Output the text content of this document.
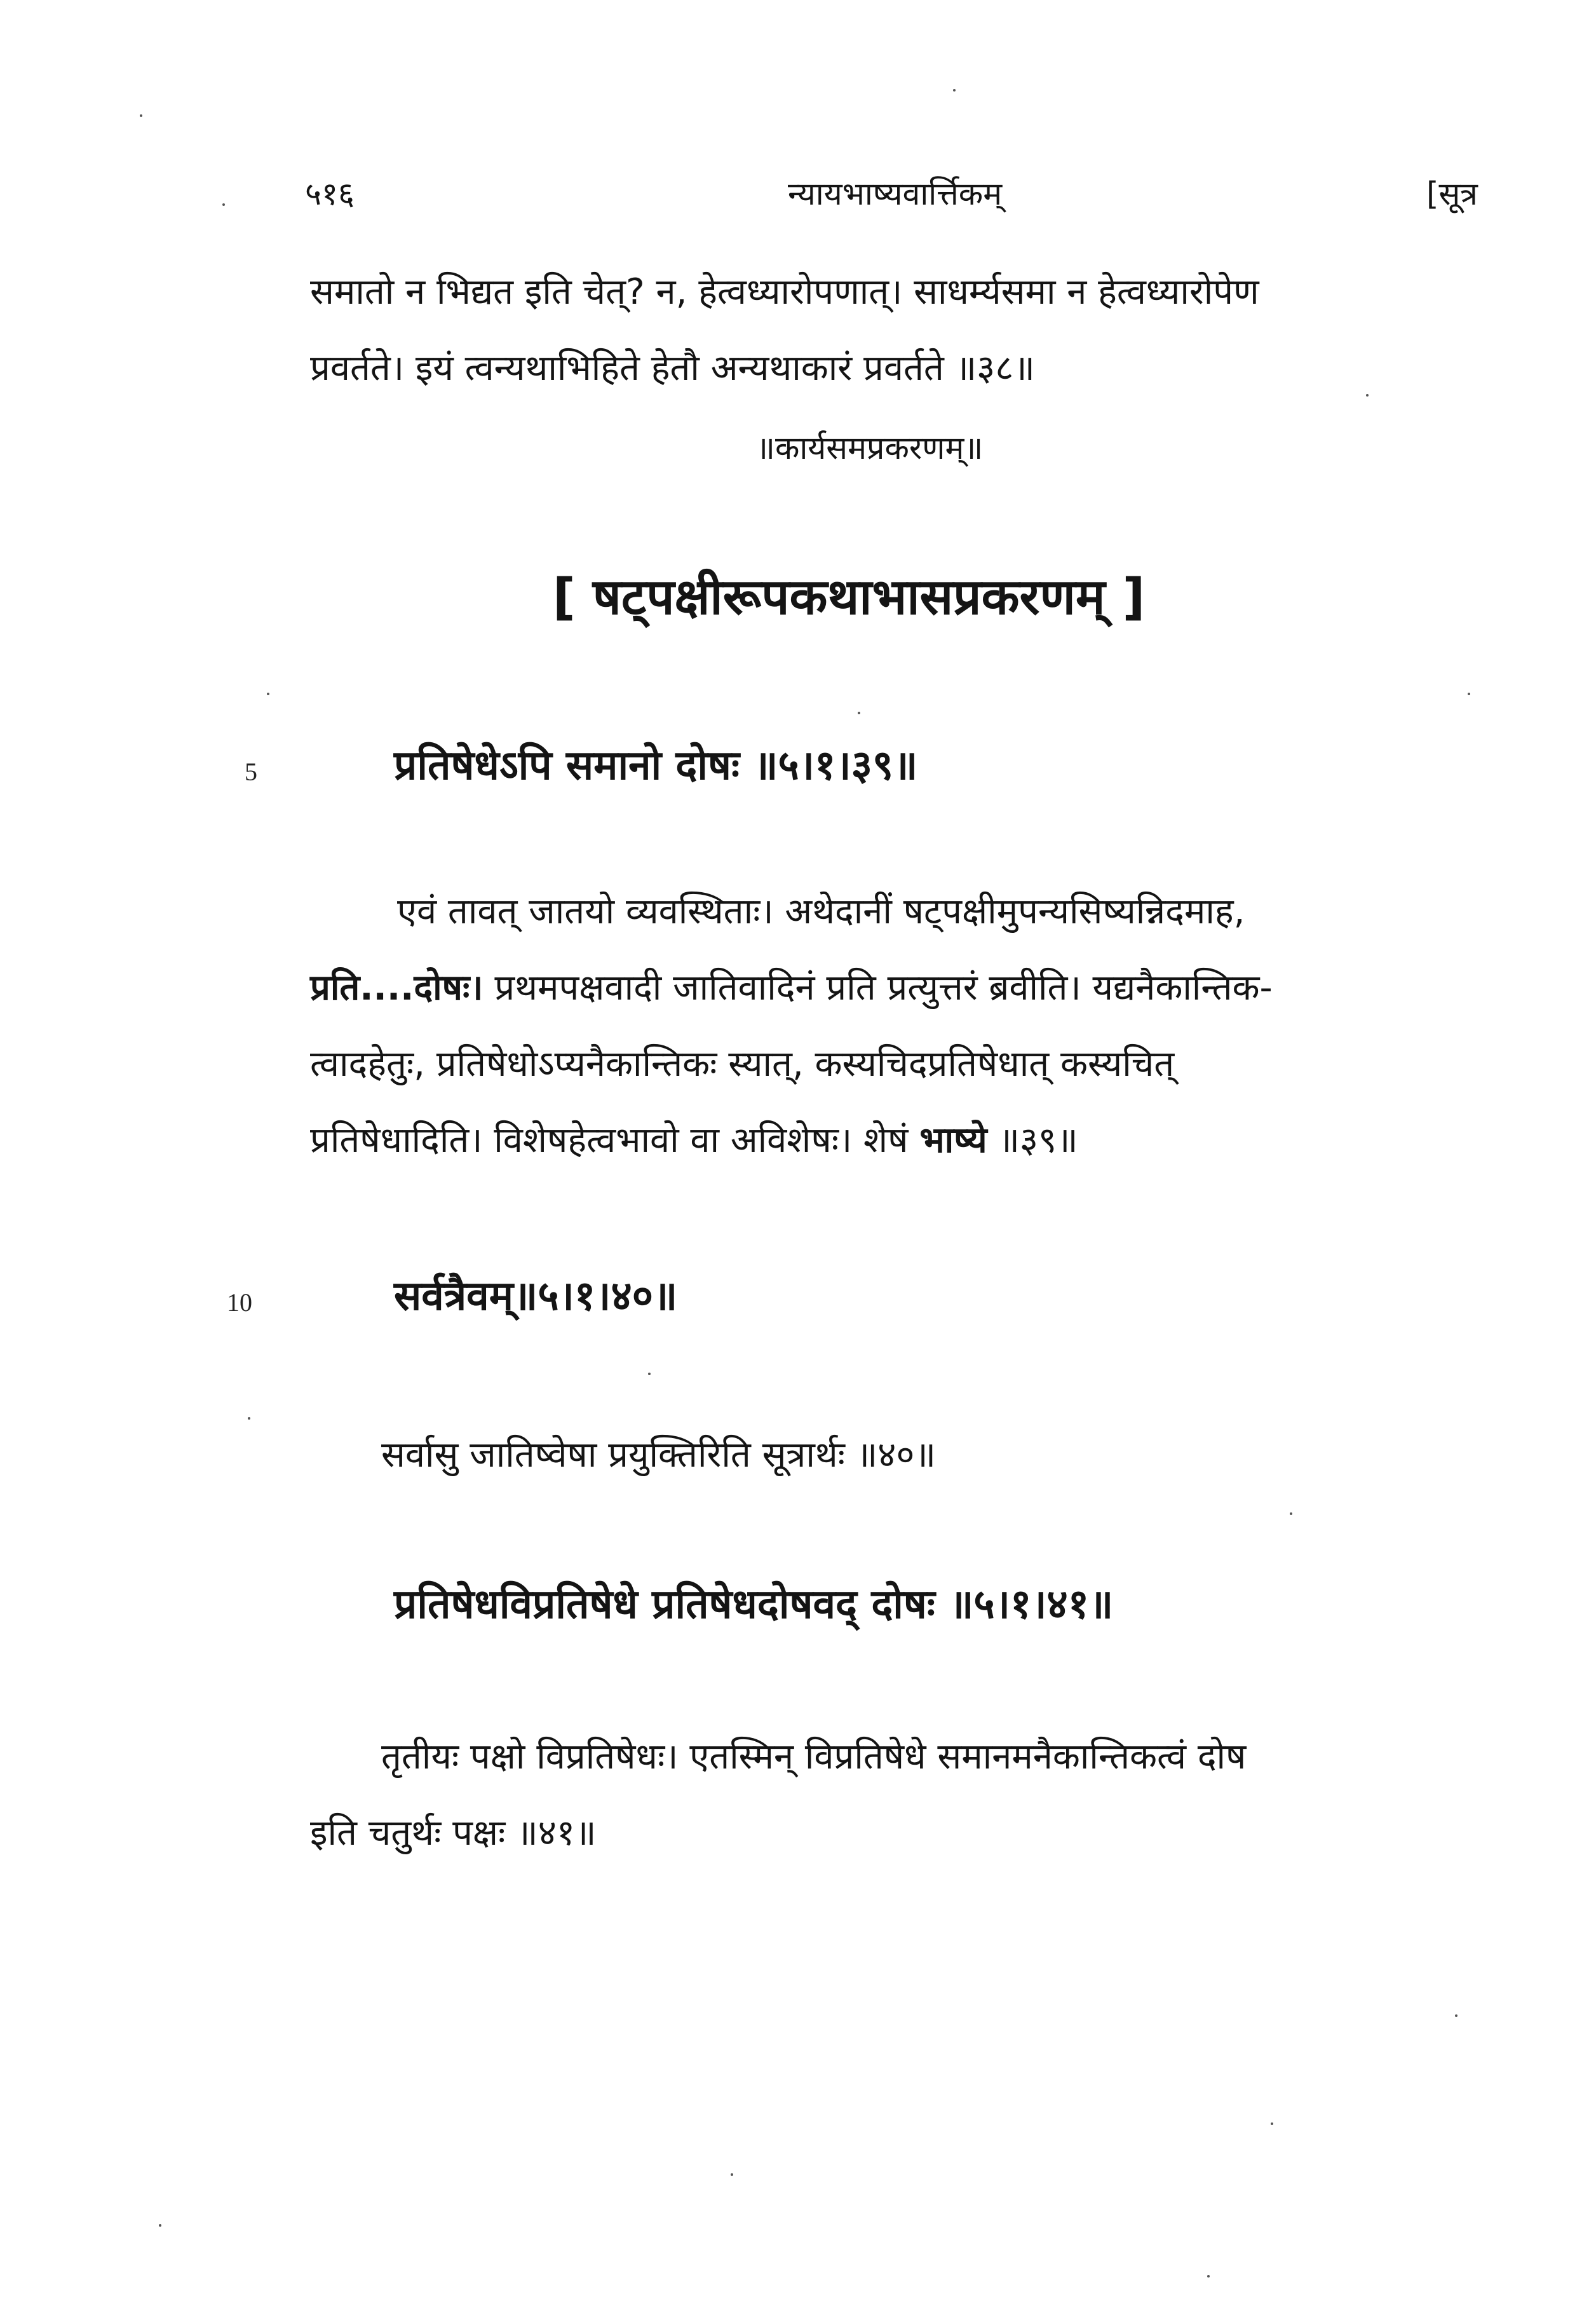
५१६	न्यायभाष्यवार्त्तिकम्	[सूत्र
समातो न भिद्यत इति चेत्? न, हेत्वध्यारोपणात्। साधर्म्यसमा न हेत्वध्यारोपेण
प्रवर्तते। इयं त्वन्यथाभिहिते हेतौ अन्यथाकारं प्रवर्तते ॥३८॥
॥कार्यसमप्रकरणम्॥
[ षट्पक्षीरूपकथाभासप्रकरणम् ]
5	प्रतिषेधेऽपि समानो दोषः ॥५।१।३९॥
एवं तावत् जातयो व्यवस्थिताः। अथेदानीं षट्पक्षीमुपन्यसिष्यन्निदमाह,
प्रति....दोषः। प्रथमपक्षवादी जातिवादिनं प्रति प्रत्युत्तरं ब्रवीति। यद्यनैकान्तिक-
त्वादहेतुः, प्रतिषेधोऽप्यनैकान्तिकः स्यात्, कस्यचिदप्रतिषेधात् कस्यचित्
प्रतिषेधादिति। विशेषहेत्वभावो वा अविशेषः। शेषं भाष्ये ॥३९॥
10	सर्वत्रैवम्॥५।१।४०॥
सर्वासु जातिष्वेषा प्रयुक्तिरिति सूत्रार्थः ॥४०॥
प्रतिषेधविप्रतिषेधे प्रतिषेधदोषवद् दोषः ॥५।१।४१॥
तृतीयः पक्षो विप्रतिषेधः। एतस्मिन् विप्रतिषेधे समानमनैकान्तिकत्वं दोष
इति चतुर्थः पक्षः ॥४१॥
